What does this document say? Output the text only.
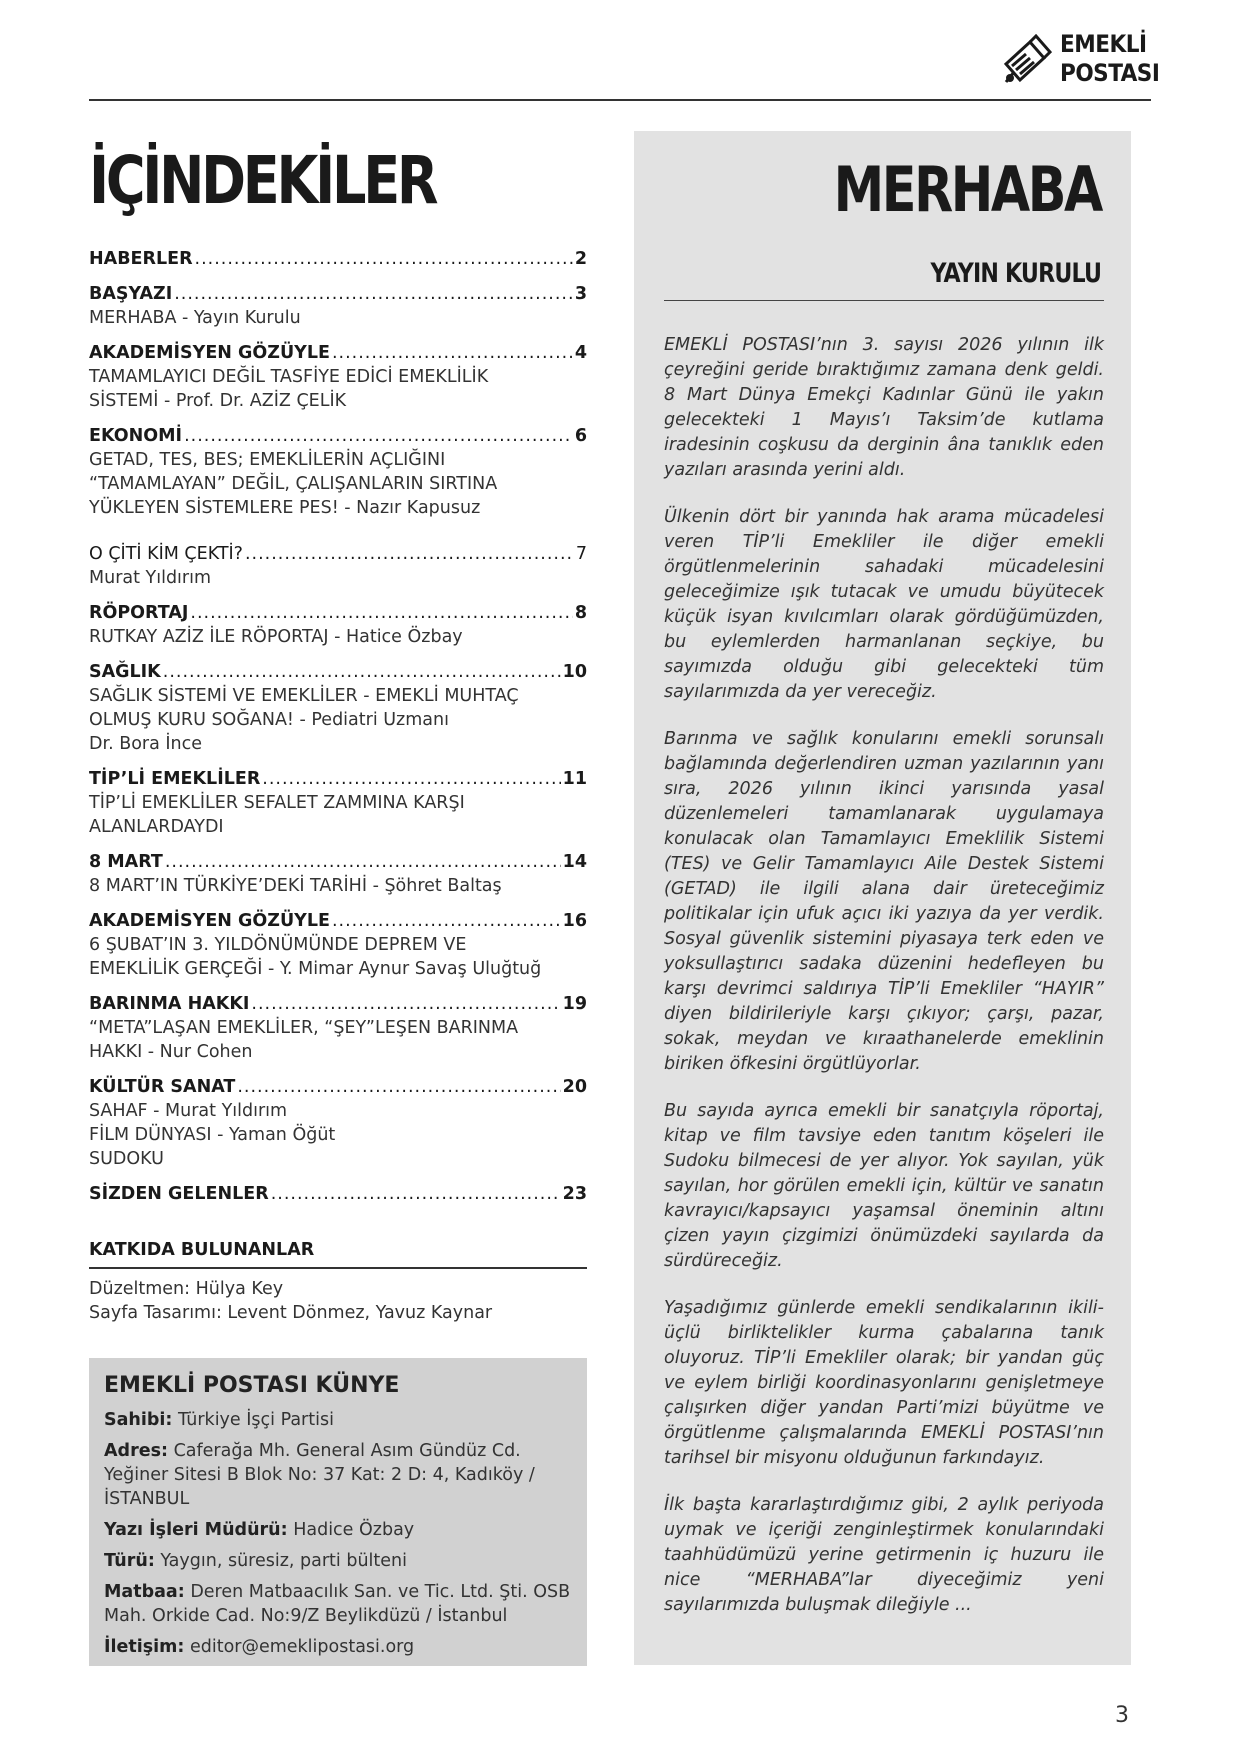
EMEKLİ
POSTASI
İÇİNDEKİLER
HABERLER .....	2
BAŞYAZI .....	3
MERHABA - Yayın Kurulu
AKADEMİSYEN GÖZÜYLE .....	4
TAMAMLAYICI DEĞİL TASFİYE EDİCİ EMEKLİLİK
SİSTEMİ - Prof. Dr. AZİZ ÇELİK
EKONOMİ .....	6
GETAD, TES, BES; EMEKLİLERİN AÇLIĞINI
“TAMAMLAYAN” DEĞİL, ÇALIŞANLARIN SIRTINA
YÜKLEYEN SİSTEMLERE PES! - Nazır Kapusuz
O ÇİTİ KİM ÇEKTİ? .....	7
Murat Yıldırım
RÖPORTAJ .....	8
RUTKAY AZİZ İLE RÖPORTAJ - Hatice Özbay
SAĞLIK .....	10
SAĞLIK SİSTEMİ VE EMEKLİLER - EMEKLİ MUHTAÇ
OLMUŞ KURU SOĞANA! - Pediatri Uzmanı
Dr. Bora İnce
TİP’Lİ EMEKLİLER .....	11
TİP’Lİ EMEKLİLER SEFALET ZAMMINA KARŞI
ALANLARDAYDI
8 MART .....	14
8 MART’IN TÜRKİYE’DEKİ TARİHİ - Şöhret Baltaş
AKADEMİSYEN GÖZÜYLE .....	16
6 ŞUBAT’IN 3. YILDÖNÜMÜNDE DEPREM VE
EMEKLİLİK GERÇEĞİ - Y. Mimar Aynur Savaş Uluğtuğ
BARINMA HAKKI .....	19
“META”LAŞAN EMEKLİLER, “ŞEY”LEŞEN BARINMA
HAKKI - Nur Cohen
KÜLTÜR SANAT .....	20
SAHAF - Murat Yıldırım
FİLM DÜNYASI - Yaman Öğüt
SUDOKU
SİZDEN GELENLER .....	23
KATKIDA BULUNANLAR
Düzeltmen: Hülya Key
Sayfa Tasarımı: Levent Dönmez, Yavuz Kaynar
EMEKLİ POSTASI KÜNYE
Sahibi: Türkiye İşçi Partisi
Adres: Caferağa Mh. General Asım Gündüz Cd. Yeğiner Sitesi B Blok No: 37 Kat: 2 D: 4, Kadıköy / İSTANBUL
Yazı İşleri Müdürü: Hadice Özbay
Türü: Yaygın, süresiz, parti bülteni
Matbaa: Deren Matbaacılık San. ve Tic. Ltd. Şti. OSB Mah. Orkide Cad. No:9/Z Beylikdüzü / İstanbul
İletişim: editor@emeklipostasi.org
MERHABA
YAYIN KURULU

EMEKLİ POSTASI’nın 3. sayısı 2026 yılının ilk çeyreğini geride bıraktığımız zamana denk geldi. 8 Mart Dünya Emekçi Kadınlar Günü ile yakın gelecekteki 1 Mayıs’ı Taksim’de kutlama iradesinin coşkusu da derginin âna tanıklık eden yazıları arasında yerini aldı.

Ülkenin dört bir yanında hak arama mücadelesi veren TİP’li Emekliler ile diğer emekli örgütlenmelerinin sahadaki mücadelesini geleceğimize ışık tutacak ve umudu büyütecek küçük isyan kıvılcımları olarak gördüğümüzden, bu eylemlerden harmanlanan seçkiye, bu sayımızda olduğu gibi gelecekteki tüm sayılarımızda da yer vereceğiz.

Barınma ve sağlık konularını emekli sorunsalı bağlamında değerlendiren uzman yazılarının yanı sıra, 2026 yılının ikinci yarısında yasal düzenlemeleri tamamlanarak uygulamaya konulacak olan Tamamlayıcı Emeklilik Sistemi (TES) ve Gelir Tamamlayıcı Aile Destek Sistemi (GETAD) ile ilgili alana dair üreteceğimiz politikalar için ufuk açıcı iki yazıya da yer verdik. Sosyal güvenlik sistemini piyasaya terk eden ve yoksullaştırıcı sadaka düzenini hedefleyen bu karşı devrimci saldırıya TİP’li Emekliler “HAYIR” diyen bildirileriyle karşı çıkıyor; çarşı, pazar, sokak, meydan ve kıraathanelerde emeklinin biriken öfkesini örgütlüyorlar.

Bu sayıda ayrıca emekli bir sanatçıyla röportaj, kitap ve film tavsiye eden tanıtım köşeleri ile Sudoku bilmecesi de yer alıyor. Yok sayılan, yük sayılan, hor görülen emekli için, kültür ve sanatın kavrayıcı/kapsayıcı yaşamsal öneminin altını çizen yayın çizgimizi önümüzdeki sayılarda da sürdüreceğiz.

Yaşadığımız günlerde emekli sendikalarının ikili-üçlü birliktelikler kurma çabalarına tanık oluyoruz. TİP’li Emekliler olarak; bir yandan güç ve eylem birliği koordinasyonlarını genişletmeye çalışırken diğer yandan Parti’mizi büyütme ve örgütlenme çalışmalarında EMEKLİ POSTASI’nın tarihsel bir misyonu olduğunun farkındayız.

İlk başta kararlaştırdığımız gibi, 2 aylık periyoda uymak ve içeriği zenginleştirmek konularındaki taahhüdümüzü yerine getirmenin iç huzuru ile nice “MERHABA”lar diyeceğimiz yeni sayılarımızda buluşmak dileğiyle ...

3
